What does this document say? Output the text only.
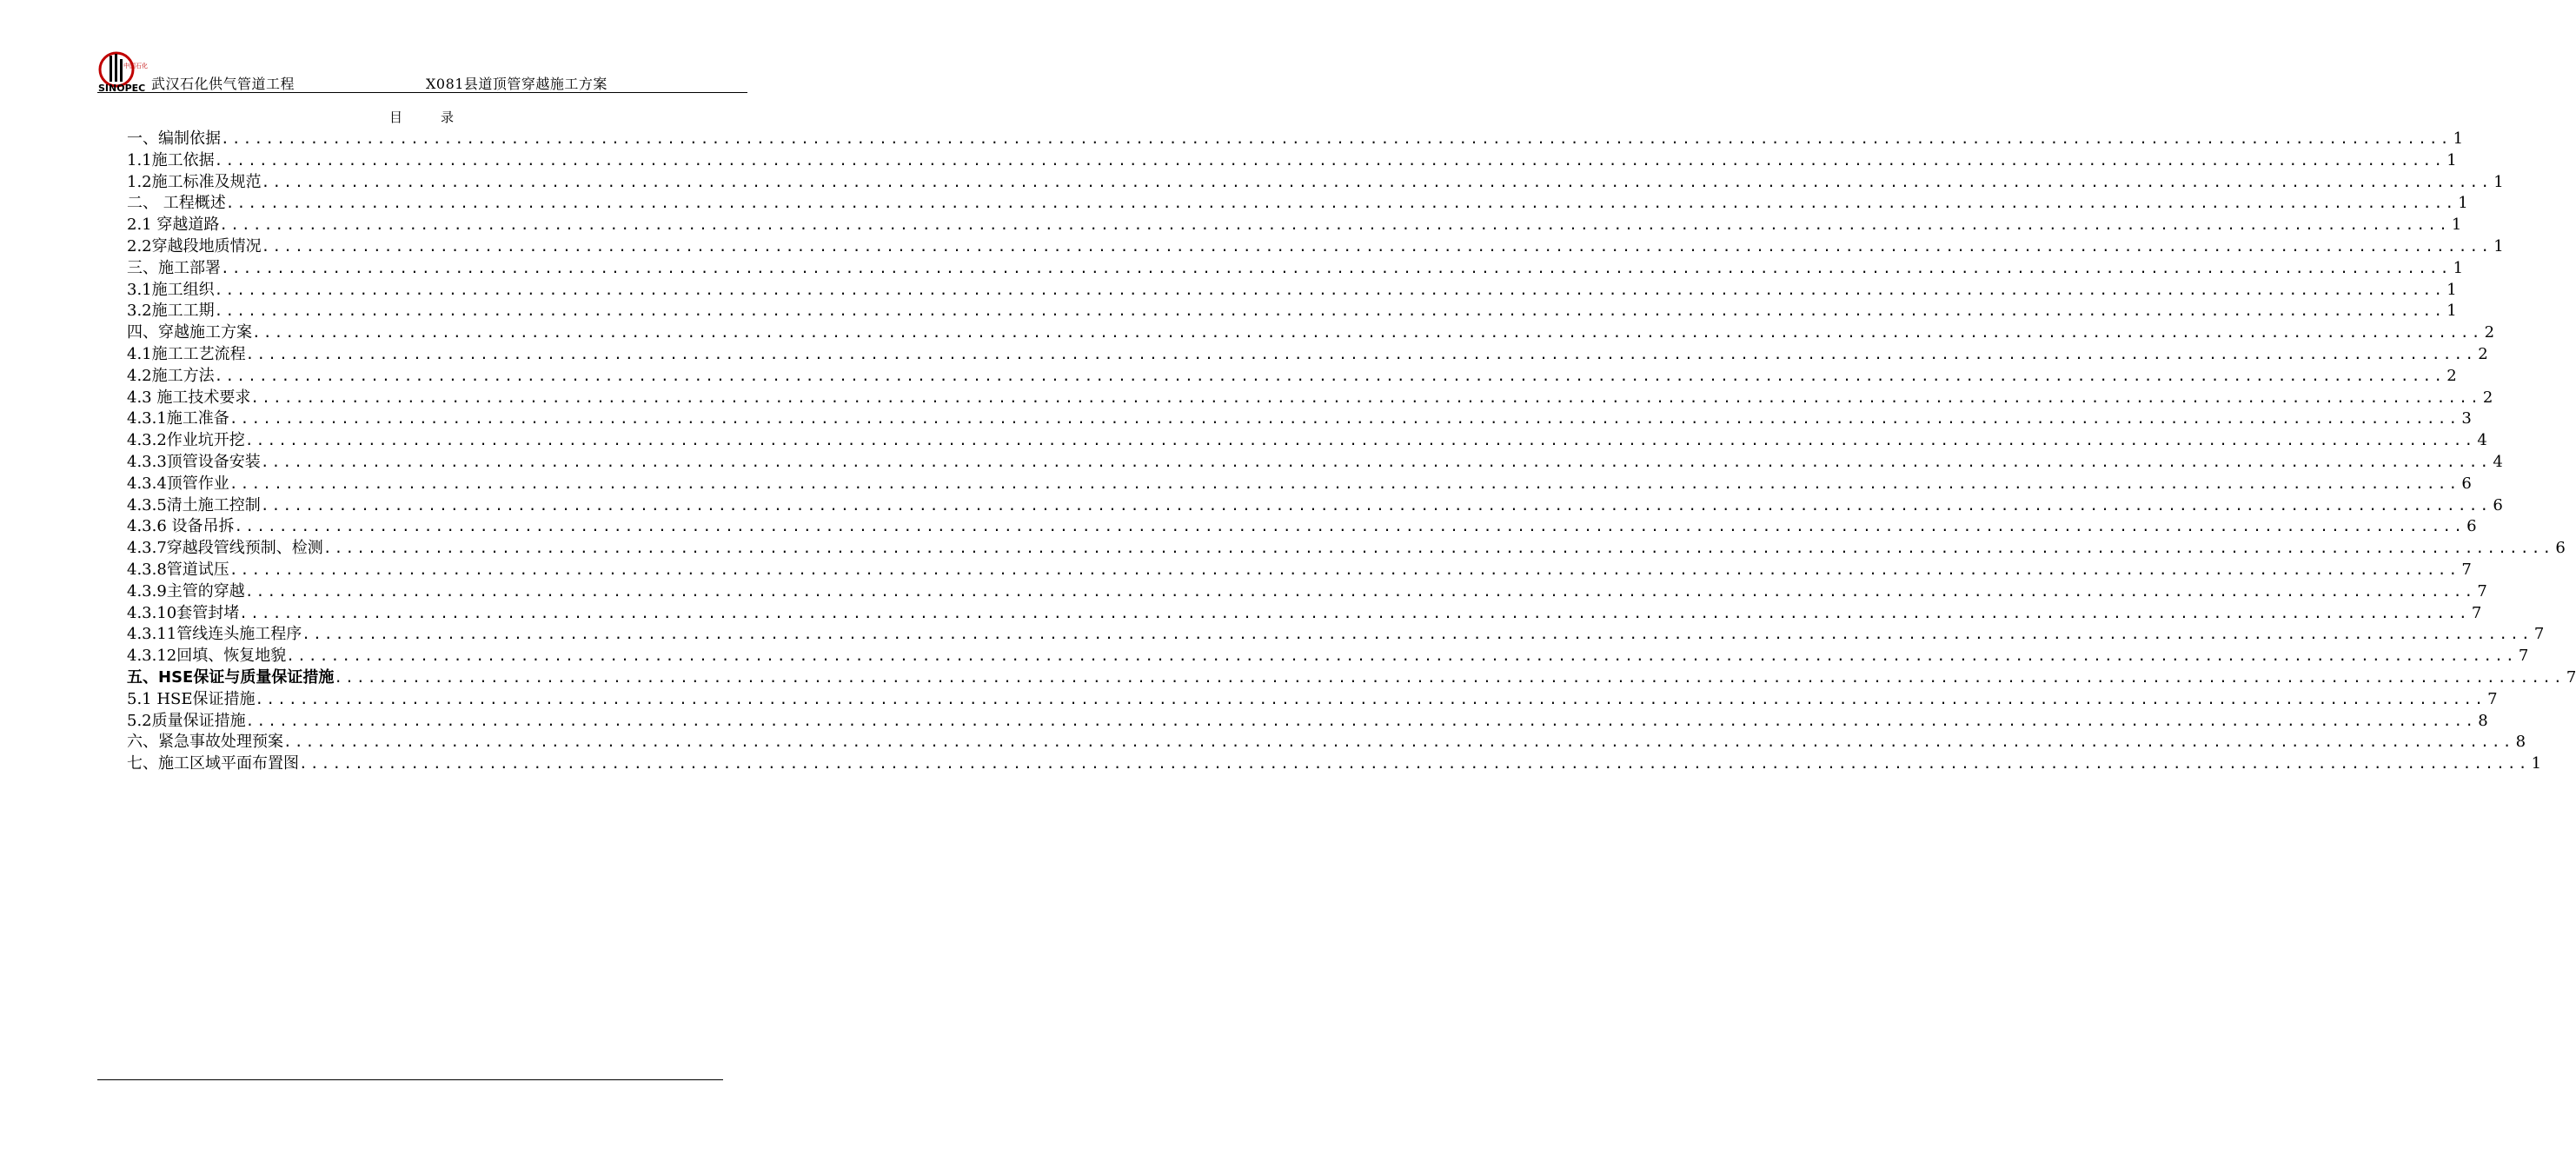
中国石化
SINOPEC 武汉石化供气管道工程	X081县道顶管穿越施工方案
目录
一、编制依据 ........................................................................................................................................................................................................ 1
1.1施工依据 ........................................................................................................................................................................................................ 1
1.2施工标准及规范 ........................................................................................................................................................................................................ 1
二、 工程概述 ........................................................................................................................................................................................................ 1
2.1 穿越道路 ........................................................................................................................................................................................................ 1
2.2穿越段地质情况 ........................................................................................................................................................................................................ 1
三、施工部署 ........................................................................................................................................................................................................ 1
3.1施工组织 ........................................................................................................................................................................................................ 1
3.2施工工期 ........................................................................................................................................................................................................ 1
四、穿越施工方案 ........................................................................................................................................................................................................ 2
4.1施工工艺流程 ........................................................................................................................................................................................................ 2
4.2施工方法 ........................................................................................................................................................................................................ 2
4.3 施工技术要求 ........................................................................................................................................................................................................ 2
4.3.1施工准备 ........................................................................................................................................................................................................ 3
4.3.2作业坑开挖 ........................................................................................................................................................................................................ 4
4.3.3顶管设备安装 ........................................................................................................................................................................................................ 4
4.3.4顶管作业 ........................................................................................................................................................................................................ 6
4.3.5清土施工控制 ........................................................................................................................................................................................................ 6
4.3.6 设备吊拆 ........................................................................................................................................................................................................ 6
4.3.7穿越段管线预制、检测 ........................................................................................................................................................................................................ 6
4.3.8管道试压 ........................................................................................................................................................................................................ 7
4.3.9主管的穿越 ........................................................................................................................................................................................................ 7
4.3.10套管封堵 ........................................................................................................................................................................................................ 7
4.3.11管线连头施工程序 ........................................................................................................................................................................................................ 7
4.3.12回填、恢复地貌 ........................................................................................................................................................................................................ 7
五、HSE保证与质量保证措施 ........................................................................................................................................................................................................ 7
5.1 HSE保证措施 ........................................................................................................................................................................................................ 7
5.2质量保证措施 ........................................................................................................................................................................................................ 8
六、紧急事故处理预案 ........................................................................................................................................................................................................ 8
七、施工区域平面布置图 ........................................................................................................................................................................................................ 1
